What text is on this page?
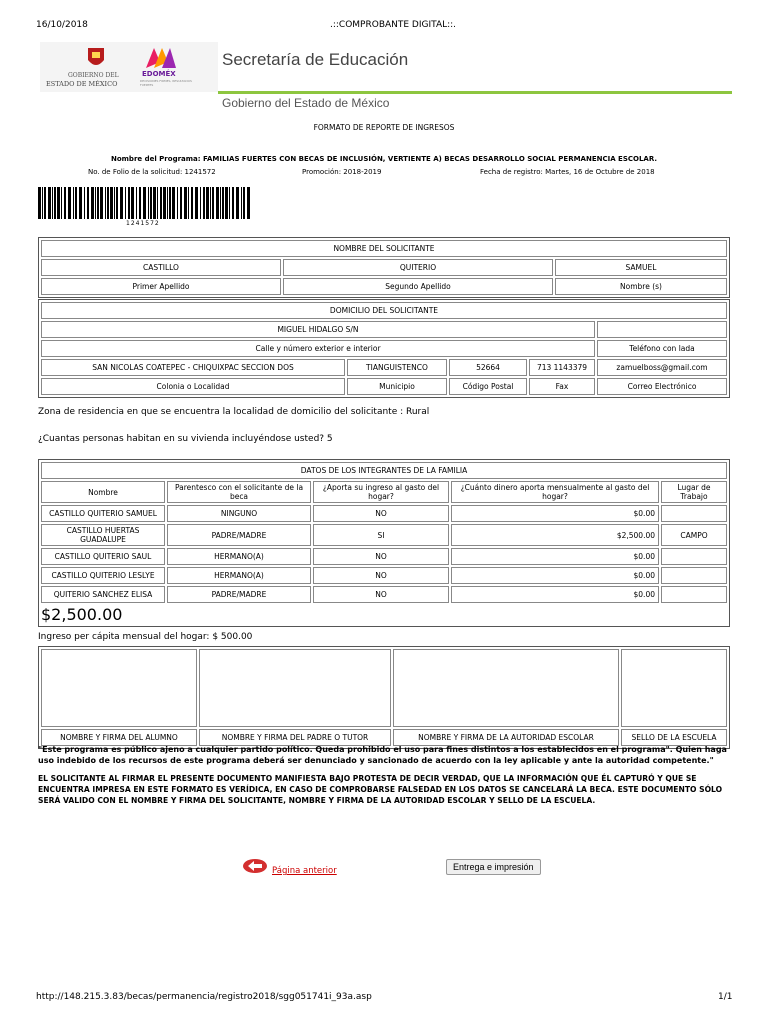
16/10/2018	.::COMPROBANTE DIGITAL::.
GOBIERNO DEL
ESTADO DE MÉXICO
EDOMÉX
DECISIONES FIRMES, RESULTADOS FUERTES
Secretaría de Educación
Gobierno del Estado de México
FORMATO DE REPORTE DE INGRESOS
Nombre del Programa: FAMILIAS FUERTES CON BECAS DE INCLUSIÓN, VERTIENTE A) BECAS DESARROLLO SOCIAL PERMANENCIA ESCOLAR.
No. de Folio de la solicitud: 1241572	Promoción: 2018-2019	Fecha de registro: Martes, 16 de Octubre de 2018
1241572
NOMBRE DEL SOLICITANTE		
CASTILLO	QUITERIO	SAMUEL
Primer Apellido	Segundo Apellido	Nombre (s)
DOMICILIO DEL SOLICITANTE				
MIGUEL HIDALGO S/N				
Calle y número exterior e interior				Teléfono con lada
SAN NICOLAS COATEPEC - CHIQUIXPAC SECCION DOS	TIANGUISTENCO	52664	713 1143379	zamuelboss@gmail.com
Colonia o Localidad	Municipio	Código Postal	Fax	Correo Electrónico
Zona de residencia en que se encuentra la localidad de domicilio del solicitante : Rural
¿Cuantas personas habitan en su vivienda incluyéndose usted? 5
DATOS DE LOS INTEGRANTES DE LA FAMILIA				
Nombre	Parentesco con el solicitante de la beca	¿Aporta su ingreso al gasto del hogar?	¿Cuánto dinero aporta mensualmente al gasto del hogar?	Lugar de Trabajo
CASTILLO QUITERIO SAMUEL	NINGUNO	NO	$0.00	
CASTILLO HUERTAS GUADALUPE	PADRE/MADRE	SI	$2,500.00	CAMPO
CASTILLO QUITERIO SAUL	HERMANO(A)	NO	$0.00	
CASTILLO QUITERIO LESLYE	HERMANO(A)	NO	$0.00	
QUITERIO SANCHEZ ELISA	PADRE/MADRE	NO	$0.00	
$2,500.00
Ingreso per cápita mensual del hogar: $ 500.00

NOMBRE Y FIRMA DEL ALUMNO	NOMBRE Y FIRMA DEL PADRE O TUTOR	NOMBRE Y FIRMA DE LA AUTORIDAD ESCOLAR	SELLO DE LA ESCUELA
"Este programa es público ajeno a cualquier partido político. Queda prohibido el uso para fines distintos a los establecidos en el programa". Quien haga uso indebido de los recursos de este programa deberá ser denunciado y sancionado de acuerdo con la ley aplicable y ante la autoridad competente."
EL SOLICITANTE AL FIRMAR EL PRESENTE DOCUMENTO MANIFIESTA BAJO PROTESTA DE DECIR VERDAD, QUE LA INFORMACIÓN QUE ÉL CAPTURÓ Y QUE SE ENCUENTRA IMPRESA EN ESTE FORMATO ES VERÍDICA, EN CASO DE COMPROBARSE FALSEDAD EN LOS DATOS SE CANCELARÁ LA BECA. ESTE DOCUMENTO SÓLO SERÁ VALIDO CON EL NOMBRE Y FIRMA DEL SOLICITANTE, NOMBRE Y FIRMA DE LA AUTORIDAD ESCOLAR Y SELLO DE LA ESCUELA.
Página anterior	Entrega e impresión
http://148.215.3.83/becas/permanencia/registro2018/sgg051741i_93a.asp	1/1
